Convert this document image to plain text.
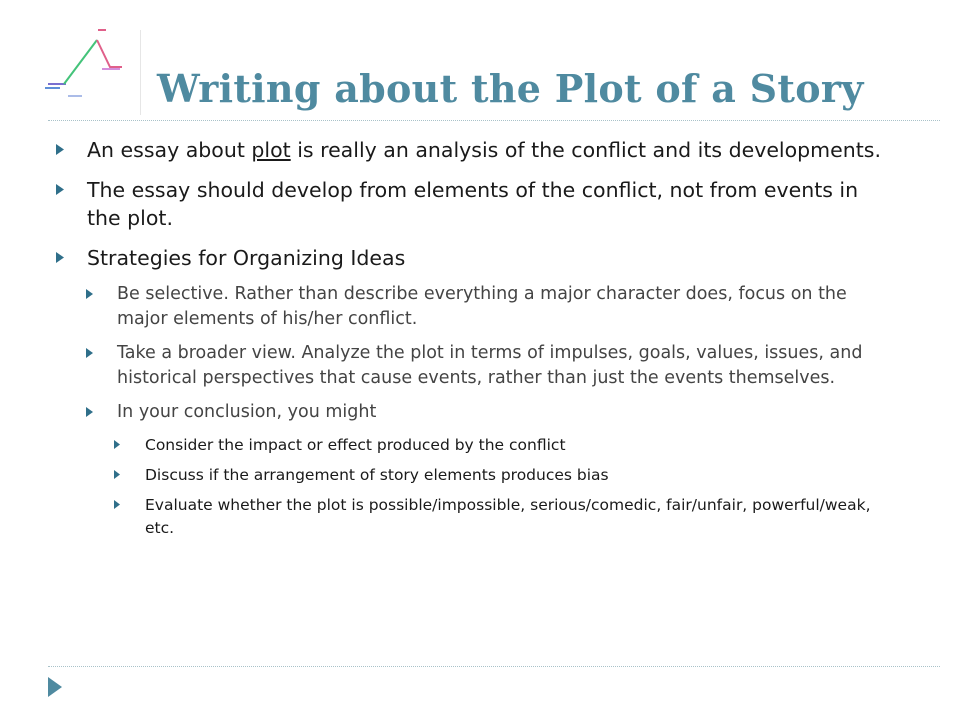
Writing about the Plot of a Story
An essay about plot is really an analysis of the conflict and its developments.
The essay should develop from elements of the conflict, not from events in the plot.
Strategies for Organizing Ideas
Be selective. Rather than describe everything a major character does, focus on the major elements of his/her conflict.
Take a broader view. Analyze the plot in terms of impulses, goals, values, issues, and historical perspectives that cause events, rather than just the events themselves.
In your conclusion, you might
Consider the impact or effect produced by the conflict
Discuss if the arrangement of story elements produces bias
Evaluate whether the plot is possible/impossible, serious/comedic, fair/unfair, powerful/weak, etc.
